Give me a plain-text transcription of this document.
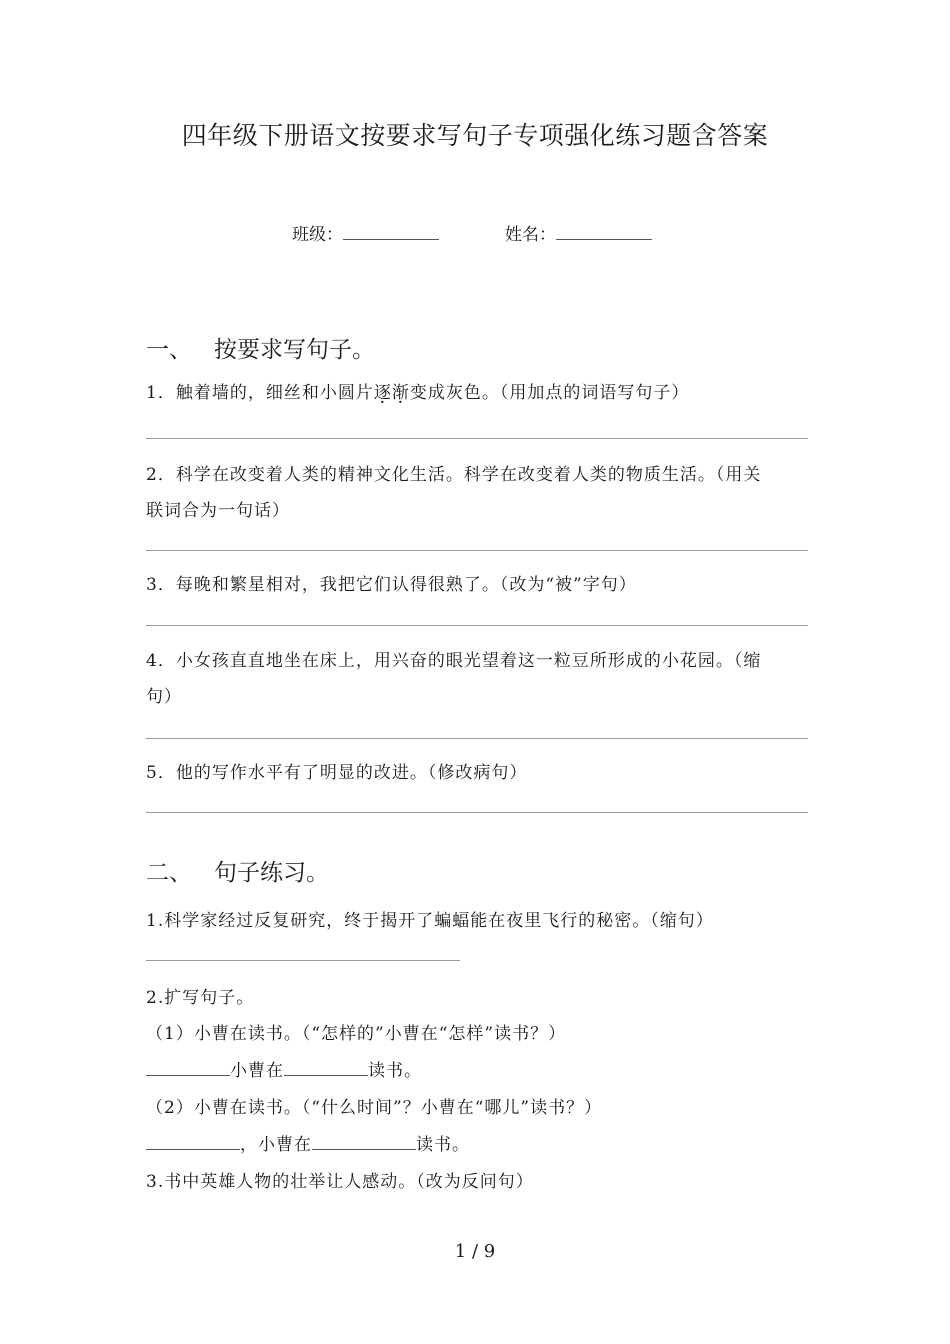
四年级下册语文按要求写句子专项强化练习题含答案
班级：	姓名：
一、 按要求写句子。
1．触着墙的，细丝和小圆片逐渐变成灰色。（用加点的词语写句子）
2．科学在改变着人类的精神文化生活。科学在改变着人类的物质生活。（用关
联词合为一句话）
3．每晚和繁星相对，我把它们认得很熟了。（改为“被”字句）
4．小女孩直直地坐在床上，用兴奋的眼光望着这一粒豆所形成的小花园。（缩
句）
5．他的写作水平有了明显的改进。（修改病句）
二、 句子练习。
1.科学家经过反复研究，终于揭开了蝙蝠能在夜里飞行的秘密。（缩句）
2.扩写句子。
（1）小曹在读书。（“怎样的”小曹在“怎样”读书？）
小曹在	读书。
（2）小曹在读书。（“什么时间”？小曹在“哪儿”读书？）
，小曹在	读书。
3.书中英雄人物的壮举让人感动。（改为反问句）
1 / 9
